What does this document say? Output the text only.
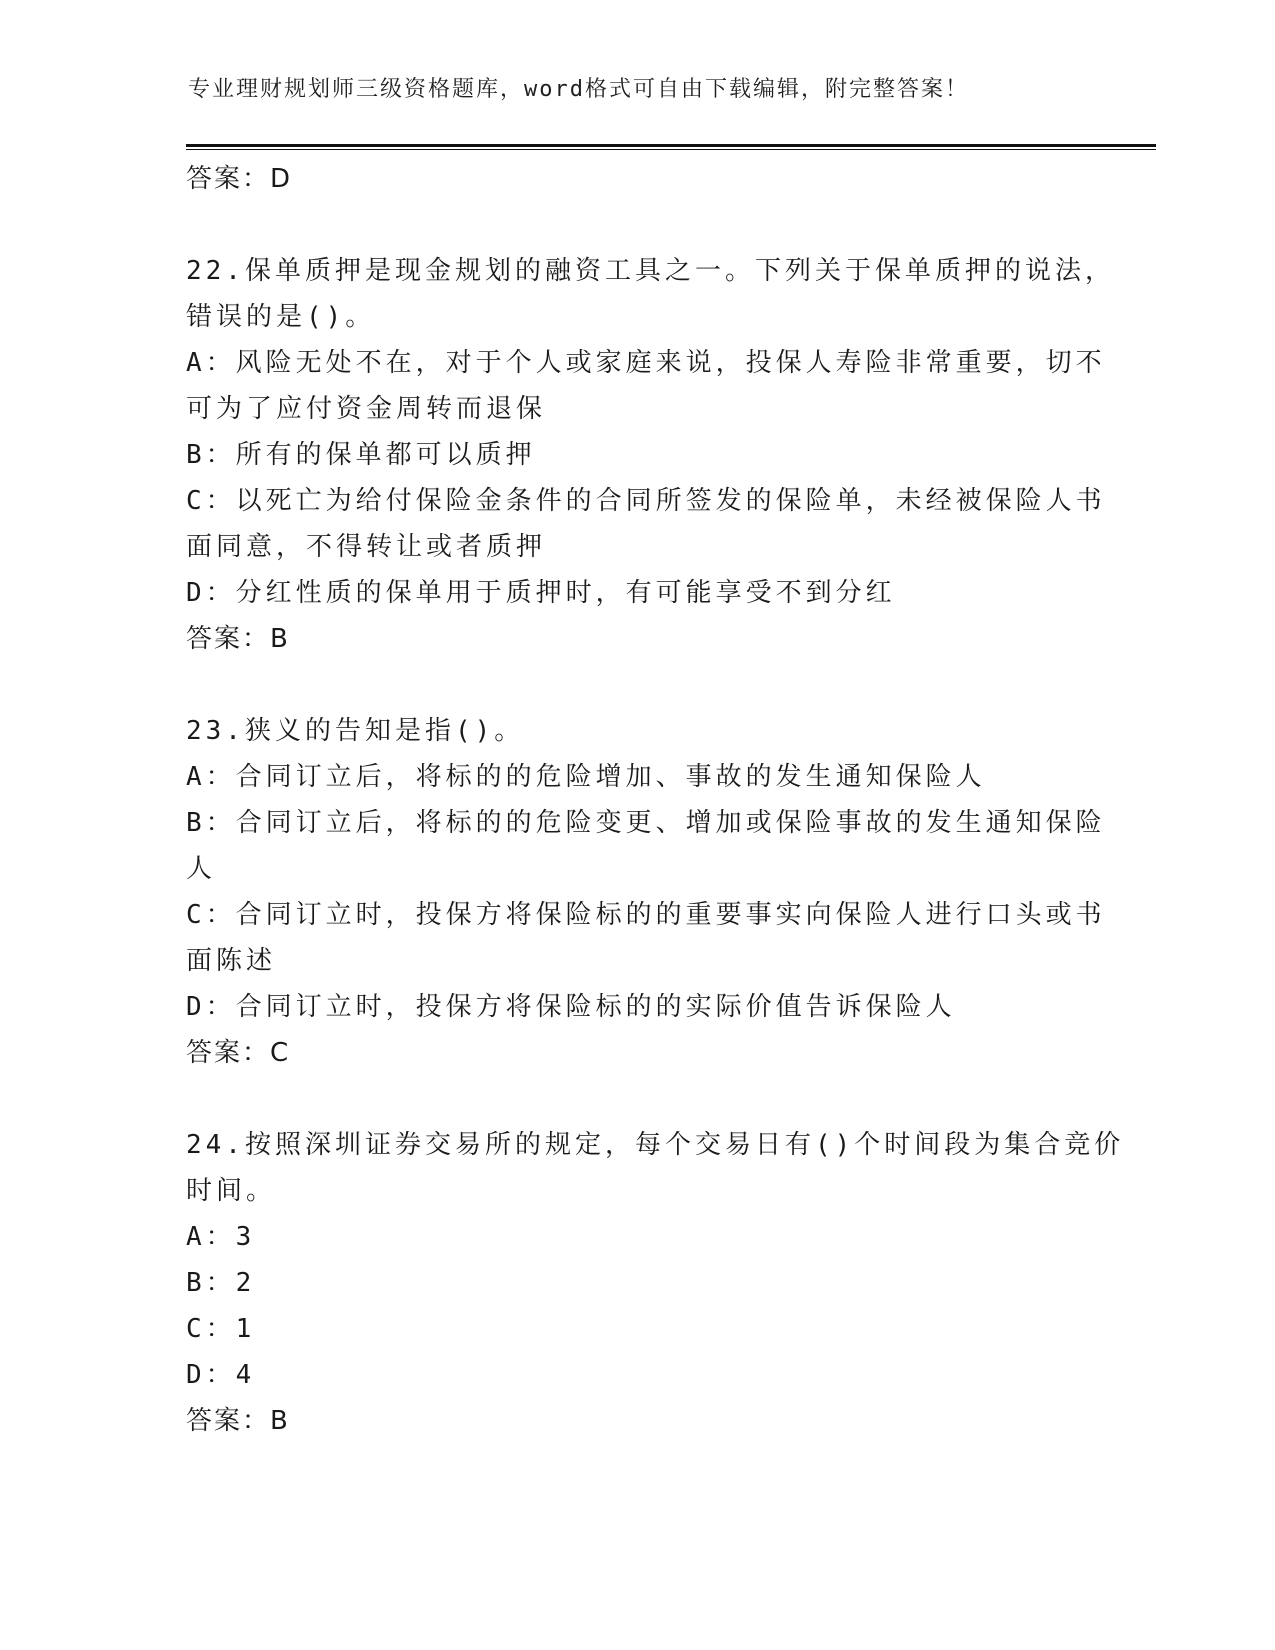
专业理财规划师三级资格题库，word格式可自由下载编辑，附完整答案！

答案：D

22.保单质押是现金规划的融资工具之一。下列关于保单质押的说法，

错误的是()。

A：风险无处不在，对于个人或家庭来说，投保人寿险非常重要，切不

可为了应付资金周转而退保

B：所有的保单都可以质押

C：以死亡为给付保险金条件的合同所签发的保险单，未经被保险人书

面同意，不得转让或者质押

D：分红性质的保单用于质押时，有可能享受不到分红

答案：B

23.狭义的告知是指()。

A：合同订立后，将标的的危险增加、事故的发生通知保险人

B：合同订立后，将标的的危险变更、增加或保险事故的发生通知保险

人

C：合同订立时，投保方将保险标的的重要事实向保险人进行口头或书

面陈述

D：合同订立时，投保方将保险标的的实际价值告诉保险人

答案：C

24.按照深圳证券交易所的规定，每个交易日有()个时间段为集合竞价

时间。

A：3

B：2

C：1

D：4

答案：B
